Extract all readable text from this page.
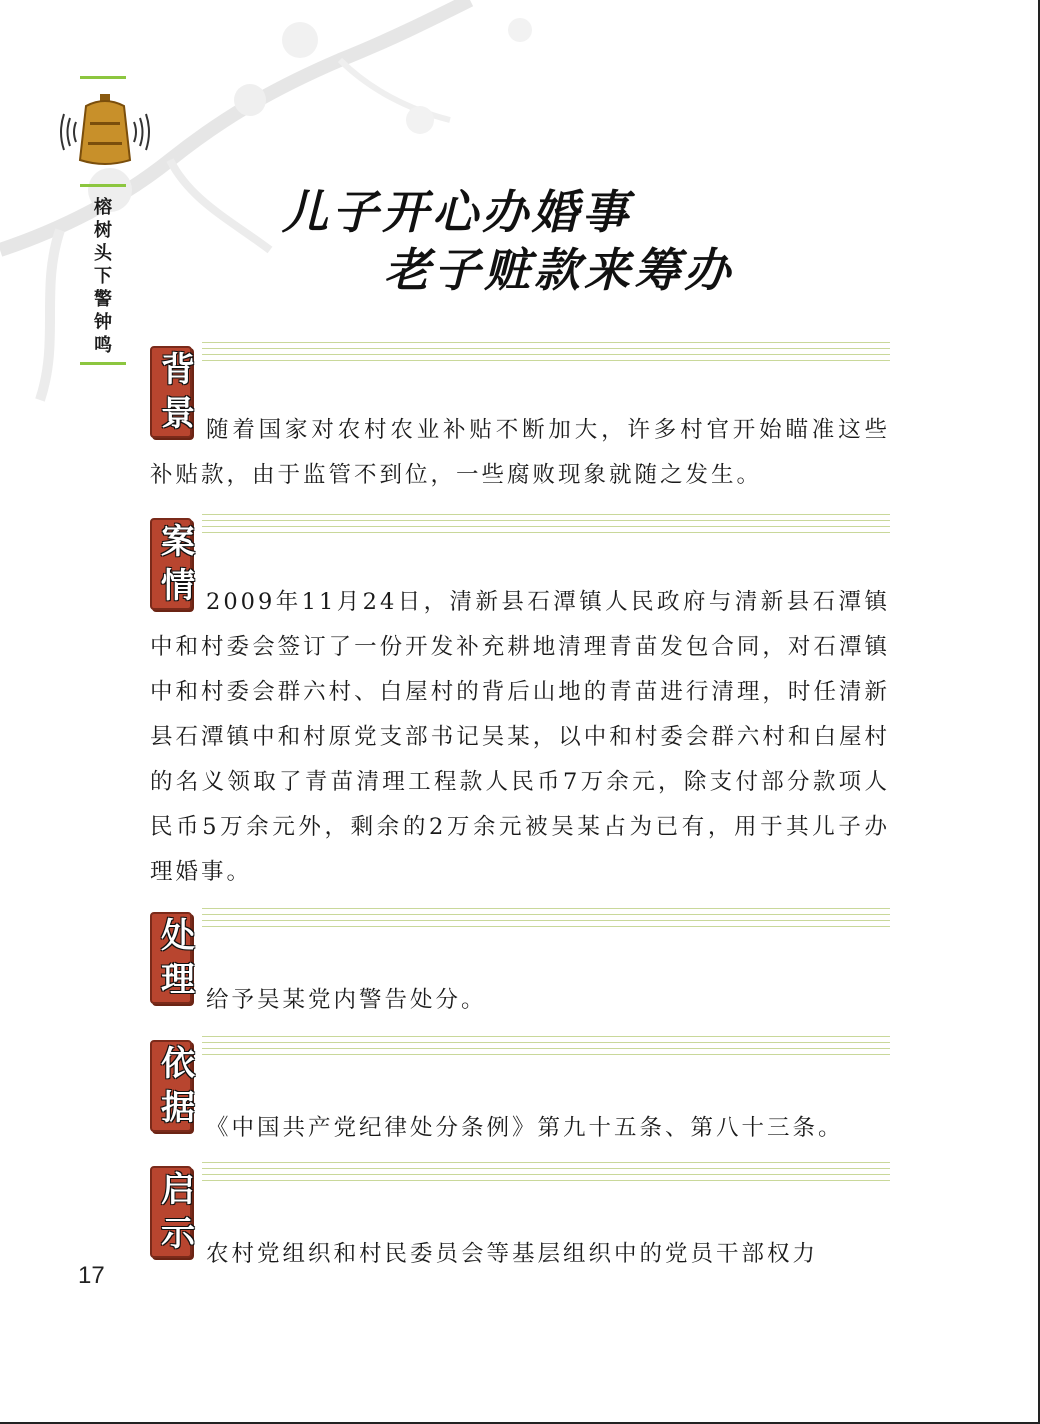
榕树头下警钟鸣
儿子开心办婚事
老子赃款来筹办
背景 随着国家对农村农业补贴不断加大，许多村官开始瞄准这些补贴款，由于监管不到位，一些腐败现象就随之发生。

案情 2009年11月24日，清新县石潭镇人民政府与清新县石潭镇中和村委会签订了一份开发补充耕地清理青苗发包合同，对石潭镇中和村委会群六村、白屋村的背后山地的青苗进行清理，时任清新县石潭镇中和村原党支部书记吴某，以中和村委会群六村和白屋村的名义领取了青苗清理工程款人民币7万余元，除支付部分款项人民币5万余元外，剩余的2万余元被吴某占为已有，用于其儿子办理婚事。

处理 给予吴某党内警告处分。

依据 《中国共产党纪律处分条例》第九十五条、第八十三条。

启示 农村党组织和村民委员会等基层组织中的党员干部权力

17
